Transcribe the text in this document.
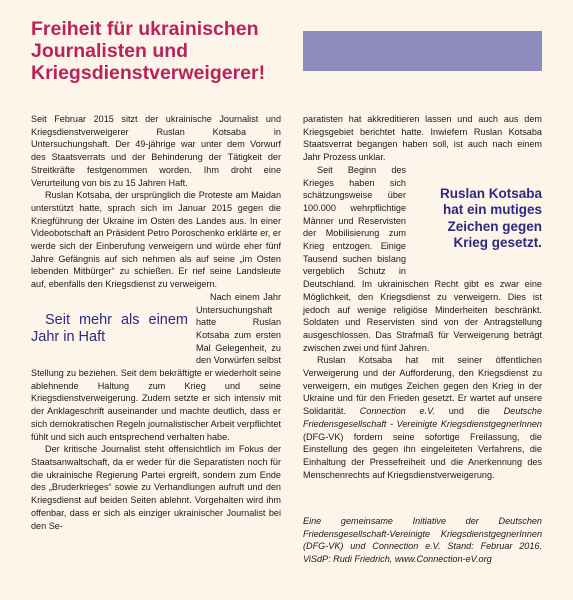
Freiheit für ukrainischen Journalisten und Kriegsdienstverweigerer!

Seit Februar 2015 sitzt der ukrainische Journalist und Kriegsdienstverweigerer Ruslan Kotsaba in Untersuchungshaft. Der 49-jährige war unter dem Vorwurf des Staatsverrats und der Behinderung der Tätigkeit der Streitkräfte festgenommen worden. Ihm droht eine Verurteilung von bis zu 15 Jahren Haft.

Ruslan Kotsaba, der ursprünglich die Proteste am Maidan unterstützt hatte, sprach sich im Januar 2015 gegen die Kriegführung der Ukraine im Osten des Landes aus. In einer Videobotschaft an Präsident Petro Poroschenko erklärte er, er werde sich der Einberufung verweigern und würde eher fünf Jahre Gefängnis auf sich nehmen als auf seine „im Osten lebenden Mitbürger“ zu schießen. Er rief seine Landsleute auf, ebenfalls den Kriegsdienst zu verweigern.

Seit mehr als einem Jahr in Haft
Nach einem Jahr Untersuchungshaft hatte Ruslan Kotsaba zum ersten Mal Gelegenheit, zu den Vorwürfen selbst Stellung zu beziehen. Seit dem bekräftigte er wiederholt seine ablehnende Haltung zum Krieg und seine Kriegsdienstverweigerung. Zudem setzte er sich intensiv mit der Anklageschrift auseinander und machte deutlich, dass er sich demokratischen Regeln journalistischer Arbeit verpflichtet fühlt und sich auch entsprechend verhalten habe.

Der kritische Journalist steht offensichtlich im Fokus der Staatsanwaltschaft, da er weder für die Separatisten noch für die ukrainische Regierung Partei ergreift, sondern zum Ende des „Bruderkrieges“ sowie zu Verhandlungen aufruft und den Kriegsdienst auf beiden Seiten ablehnt. Vorgehalten wird ihm offenbar, dass er sich als einziger ukrainischer Journalist bei den Se-

paratisten hat akkreditieren lassen und auch aus dem Kriegsgebiet berichtet hatte. Inwiefern Ruslan Kotsaba Staatsverrat begangen haben soll, ist auch nach einem Jahr Prozess unklar.

Ruslan Kotsaba hat ein mutiges Zeichen gegen Krieg gesetzt.
Seit Beginn des Krieges haben sich schätzungsweise über 100.000 wehrpflichtige Männer und Reservisten der Mobilisierung zum Krieg entzogen. Einige Tausend suchen bislang vergeblich Schutz in Deutschland. Im ukrainischen Recht gibt es zwar eine Möglichkeit, den Kriegsdienst zu verweigern. Dies ist jedoch auf wenige religiöse Minderheiten beschränkt. Soldaten und Reservisten sind von der Antragstellung ausgeschlossen. Das Strafmaß für Verweigerung beträgt zwischen zwei und fünf Jahren.

Ruslan Kotsaba hat mit seiner öffentlichen Verweigerung und der Aufforderung, den Kriegsdienst zu verweigern, ein mutiges Zeichen gegen den Krieg in der Ukraine und für den Frieden gesetzt. Er wartet auf unsere Solidarität. Connection e.V. und die Deutsche Friedensgesellschaft - Vereinigte KriegsdienstgegnerInnen (DFG-VK) fordern seine sofortige Freilassung, die Einstellung des gegen ihn eingeleiteten Verfahrens, die Einhaltung der Pressefreiheit und die Anerkennung des Menschenrechts auf Kriegsdienstverweigerung.

Eine gemeinsame Initiative der Deutschen Friedensgesellschaft-Vereinigte KriegsdienstgegnerInnen (DFG-VK) und Connection e.V. Stand: Februar 2016. ViSdP: Rudi Friedrich, www.Connection-eV.org
